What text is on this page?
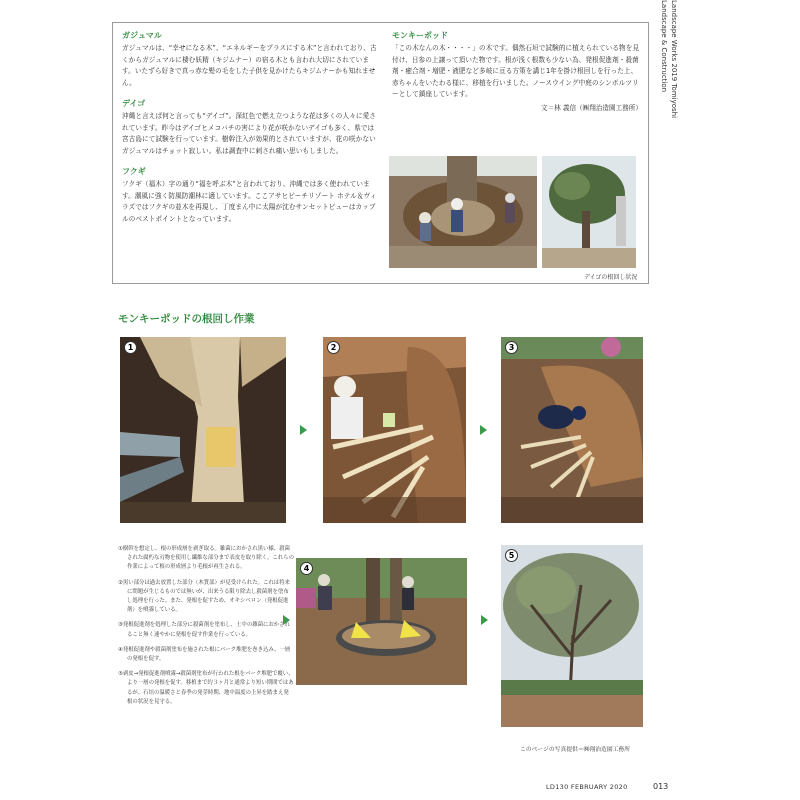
Landscape Works 2019 Tomiyoshi Landscape & Construction
ガジュマル
ガジュマルは、“幸せになる木”、“エネルギーをプラスにする木”と言われており、古くからガジュマルに棲む妖精（キジムナー）の宿る木とも言われ大切にされています。いたずら好きで真っ赤な髪の毛をした子供を見かけたらキジムナーかも知れません。
デイゴ
沖縄と言えば何と言っても“デイゴ”。深紅色で燃え立つような花は多くの人々に愛されています。昨今はデイゴヒメコバチの害により花が咲かないデイゴも多く、県では宮古島にて試験を行っています。樹幹注入が効果的とされていますが、花の咲かないガジュマルはチョット寂しい。私は調査中に刺され痛い思いもしました。
フクギ
フクギ（福木）字の通り“福を呼ぶ木”と言われており、沖縄では多く使われています。潮風に強く防風防潮林に適しています。ここアサヒビーチリゾート ホテル＆ヴィラズではフクギの並木を再現し、丁度まん中に太陽が沈むサンセットビューはカップルのベストポイントとなっています。
モンキーポッド
「この木なんの木・・・・」の木です。偶然石垣で試験的に植えられている物を見付け、日参の上譲って頂いた物です。根が浅く根数も少ない為、発根促進剤・殺菌剤・癒合剤・増肥・液肥など多岐に亘る方策を講じ1年を掛け根回しを行った上、赤ちゃんをいたわる様に、移植を行いました。ノースウイング中庭のシンボルツリーとして鎮座しています。
文＝林 義信（㈱翔治造園工務所）
デイゴの根回し状況
モンキーポッドの根回し作業
1	2	3
①樹幹を想定し、根の形成層を剥ぎ取る。雑菌におかされ黒い様、殺菌された腐朽な刃物を使用し繊維な部分まで表皮を取り除く。これらの作業によって根の形成層より毛根が再生される。
②黒い部分は過去放置した部分（木質部）が見受けられた。これは将来に問題が生じるものでは無いが、出来うる限り除去し殺菌剤を塗布し処理を行った。また、発根を促すため、オキシベロン（発根促進剤）を噴霧している。
③発根促進剤を処理した部分に殺菌剤を塗布し、土中の雑菌におかされること無く速やかに発根を促す作業を行っている。
④発根促進剤や殺菌剤塗布を施された根にバーク堆肥を巻き込み、一層の発根を促す。
⑤剥皮→発根促進剤噴霧→殺菌剤塗布が行われた根をバーク堆肥で覆い、より一層の発根を促す。移植まで約３ヶ月と通常より短い期間ではあるが、石垣の温暖さと春季の発芽時期、地中温度の上昇を踏まえ発根の状況を見守る。
4
5
このページの写真提供＝㈱翔治造園工務所
LD130 FEBRUARY 2020	013
